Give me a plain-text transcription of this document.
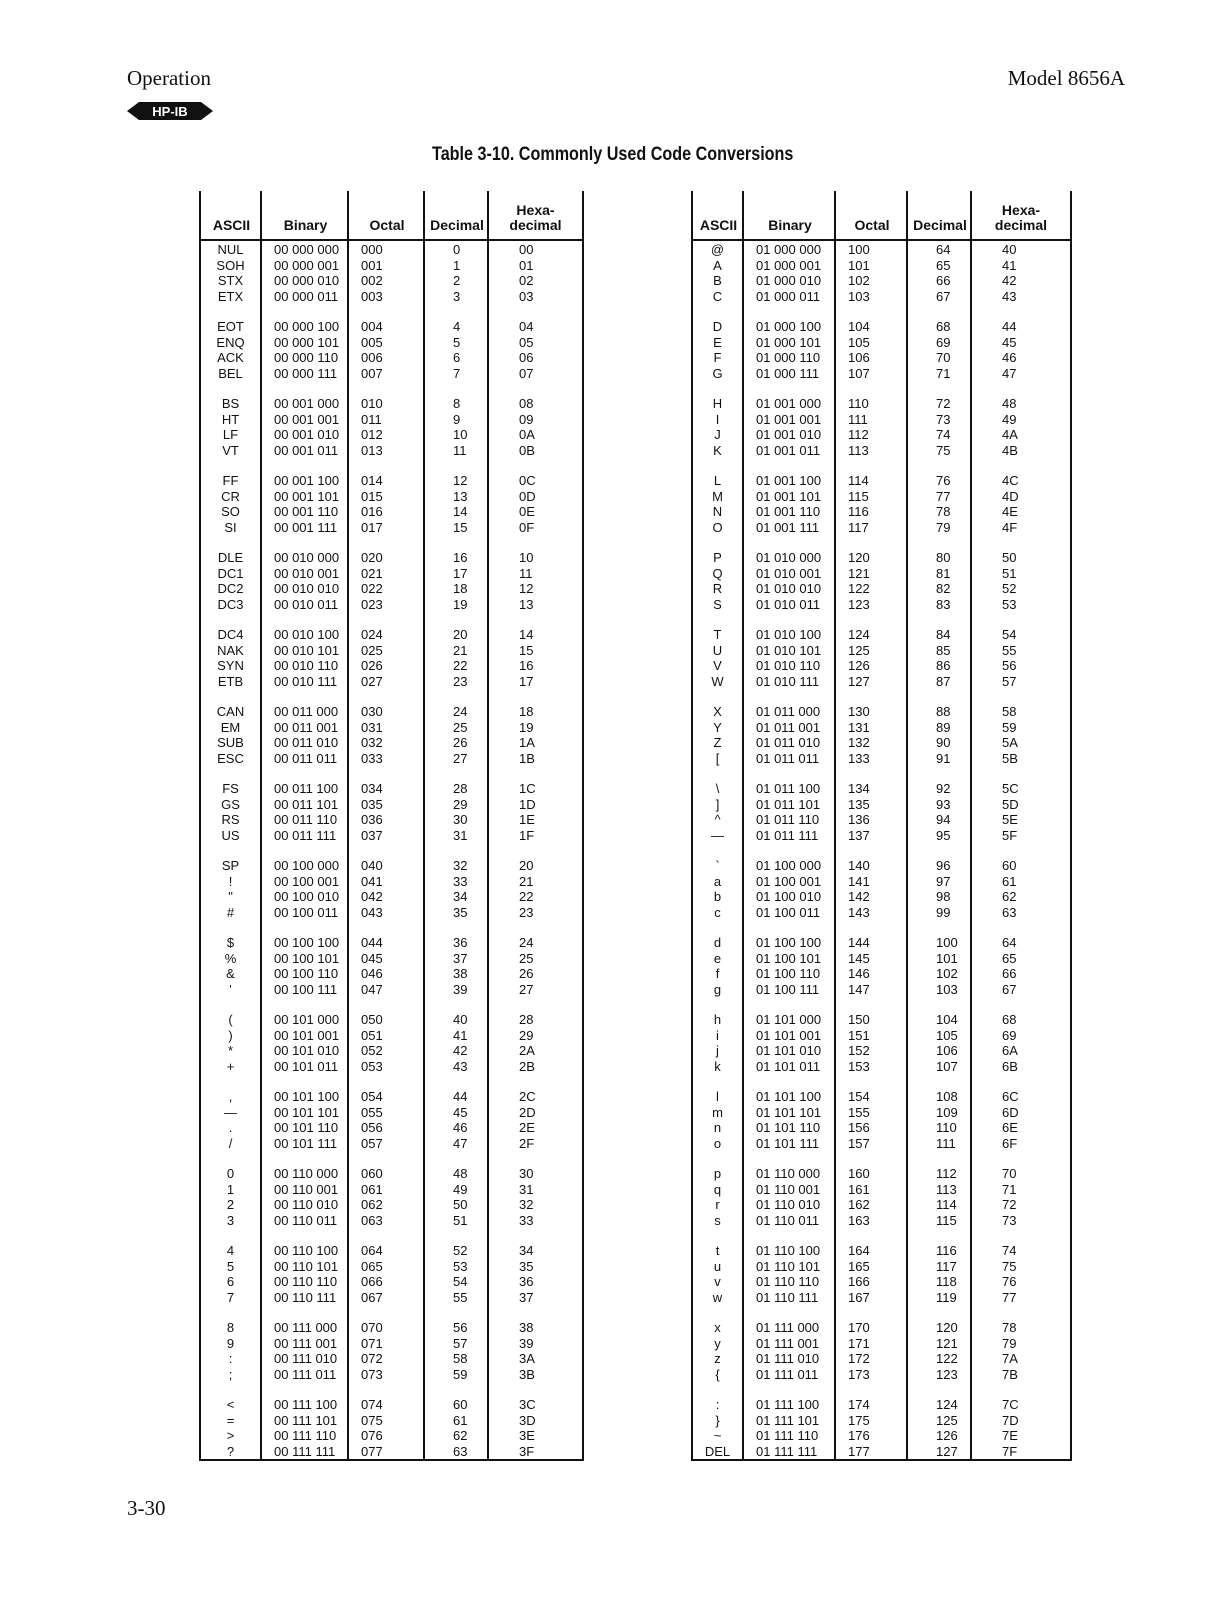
Operation	Model 8656A
HP-IB
Table 3-10. Commonly Used Code Conversions
ASCII	Binary	Octal	Decimal
Hexa-
decimal
NUL	00 000 000	000	0	00
SOH	00 000 001	001	1	01
STX	00 000 010	002	2	02
ETX	00 000 011	003	3	03
EOT	00 000 100	004	4	04
ENQ	00 000 101	005	5	05
ACK	00 000 110	006	6	06
BEL	00 000 111	007	7	07
BS	00 001 000	010	8	08
HT	00 001 001	011	9	09
LF	00 001 010	012	10	0A
VT	00 001 011	013	11	0B
FF	00 001 100	014	12	0C
CR	00 001 101	015	13	0D
SO	00 001 110	016	14	0E
SI	00 001 111	017	15	0F
DLE	00 010 000	020	16	10
DC1	00 010 001	021	17	11
DC2	00 010 010	022	18	12
DC3	00 010 011	023	19	13
DC4	00 010 100	024	20	14
NAK	00 010 101	025	21	15
SYN	00 010 110	026	22	16
ETB	00 010 111	027	23	17
CAN	00 011 000	030	24	18
EM	00 011 001	031	25	19
SUB	00 011 010	032	26	1A
ESC	00 011 011	033	27	1B
FS	00 011 100	034	28	1C
GS	00 011 101	035	29	1D
RS	00 011 110	036	30	1E
US	00 011 111	037	31	1F
SP	00 100 000	040	32	20
!	00 100 001	041	33	21
"	00 100 010	042	34	22
#	00 100 011	043	35	23
$	00 100 100	044	36	24
%	00 100 101	045	37	25
&	00 100 110	046	38	26
'	00 100 111	047	39	27
(	00 101 000	050	40	28
)	00 101 001	051	41	29
*	00 101 010	052	42	2A
+	00 101 011	053	43	2B
,	00 101 100	054	44	2C
—	00 101 101	055	45	2D
.	00 101 110	056	46	2E
/	00 101 111	057	47	2F
0	00 110 000	060	48	30
1	00 110 001	061	49	31
2	00 110 010	062	50	32
3	00 110 011	063	51	33
4	00 110 100	064	52	34
5	00 110 101	065	53	35
6	00 110 110	066	54	36
7	00 110 111	067	55	37
8	00 111 000	070	56	38
9	00 111 001	071	57	39
:	00 111 010	072	58	3A
;	00 111 011	073	59	3B
<	00 111 100	074	60	3C
=	00 111 101	075	61	3D
>	00 111 110	076	62	3E
?	00 111 111	077	63	3F
ASCII	Binary	Octal	Decimal
Hexa-
decimal
@	01 000 000	100	64	40
A	01 000 001	101	65	41
B	01 000 010	102	66	42
C	01 000 011	103	67	43
D	01 000 100	104	68	44
E	01 000 101	105	69	45
F	01 000 110	106	70	46
G	01 000 111	107	71	47
H	01 001 000	110	72	48
I	01 001 001	111	73	49
J	01 001 010	112	74	4A
K	01 001 011	113	75	4B
L	01 001 100	114	76	4C
M	01 001 101	115	77	4D
N	01 001 110	116	78	4E
O	01 001 111	117	79	4F
P	01 010 000	120	80	50
Q	01 010 001	121	81	51
R	01 010 010	122	82	52
S	01 010 011	123	83	53
T	01 010 100	124	84	54
U	01 010 101	125	85	55
V	01 010 110	126	86	56
W	01 010 111	127	87	57
X	01 011 000	130	88	58
Y	01 011 001	131	89	59
Z	01 011 010	132	90	5A
[	01 011 011	133	91	5B
\	01 011 100	134	92	5C
]	01 011 101	135	93	5D
^	01 011 110	136	94	5E
—	01 011 111	137	95	5F
`	01 100 000	140	96	60
a	01 100 001	141	97	61
b	01 100 010	142	98	62
c	01 100 011	143	99	63
d	01 100 100	144	100	64
e	01 100 101	145	101	65
f	01 100 110	146	102	66
g	01 100 111	147	103	67
h	01 101 000	150	104	68
i	01 101 001	151	105	69
j	01 101 010	152	106	6A
k	01 101 011	153	107	6B
l	01 101 100	154	108	6C
m	01 101 101	155	109	6D
n	01 101 110	156	110	6E
o	01 101 111	157	111	6F
p	01 110 000	160	112	70
q	01 110 001	161	113	71
r	01 110 010	162	114	72
s	01 110 011	163	115	73
t	01 110 100	164	116	74
u	01 110 101	165	117	75
v	01 110 110	166	118	76
w	01 110 111	167	119	77
x	01 111 000	170	120	78
y	01 111 001	171	121	79
z	01 111 010	172	122	7A
{	01 111 011	173	123	7B
:	01 111 100	174	124	7C
}	01 111 101	175	125	7D
~	01 111 110	176	126	7E
DEL	01 111 111	177	127	7F
3-30
